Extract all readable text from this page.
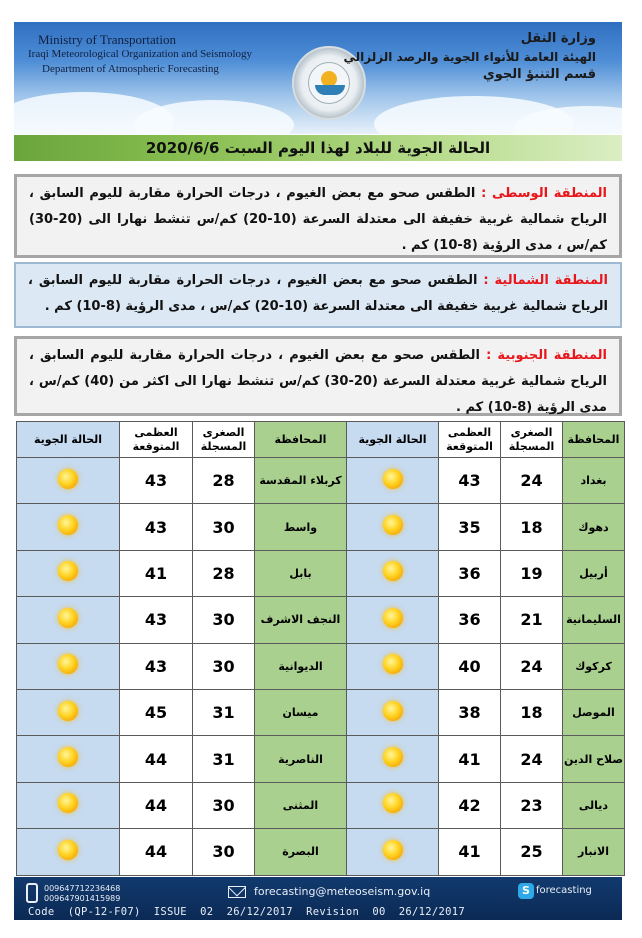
Ministry of Transportation
Iraqi Meteorological Organization and Seismology
Department of Atmospheric Forecasting
وزارة النقل
الهيئة العامة للأنواء الجوية والرصد الزلزالي
قسم التنبؤ الجوي
الحالة الجوية للبلاد لهذا اليوم السبت 2020/6/6
المنطقة الوسطى : الطقس صحو مع بعض الغيوم ، درجات الحرارة مقاربة لليوم السابق ، الرياح شمالية غربية خفيفة الى معتدلة السرعة (10-20) كم/س تنشط نهارا الى (20-30) كم/س ، مدى الرؤية (8-10) كم .
المنطقة الشمالية : الطقس صحو مع بعض الغيوم ، درجات الحرارة مقاربة لليوم السابق ، الرياح شمالية غربية خفيفة الى معتدلة السرعة (10-20) كم/س ، مدى الرؤية (8-10) كم .
المنطقة الجنوبية : الطقس صحو مع بعض الغيوم ، درجات الحرارة مقاربة لليوم السابق ، الرياح شمالية غربية معتدلة السرعة (20-30) كم/س تنشط نهارا الى اكثر من (40) كم/س ، مدى الرؤية (8-10) كم .
المحافظة	الصغرى المسجلة	العظمى المتوقعة	الحالة الجوية	المحافظة	الصغرى المسجلة	العظمى المتوقعة	الحالة الجوية
بغداد	24	43		كربلاء المقدسة	28	43	
دهوك	18	35		واسط	30	43	
أربيل	19	36		بابل	28	41	
السليمانية	21	36		النجف الاشرف	30	43	
كركوك	24	40		الديوانية	30	43	
الموصل	18	38		ميسان	31	45	
صلاح الدين	24	41		الناصرية	31	44	
ديالى	23	42		المثنى	30	44	
الانبار	25	41		البصرة	30	44	
009647712236468
009647901415989
forecasting@meteoseism.gov.iq	S forecasting
Code  (QP-12-F07)  ISSUE  02  26/12/2017  Revision  00  26/12/2017
